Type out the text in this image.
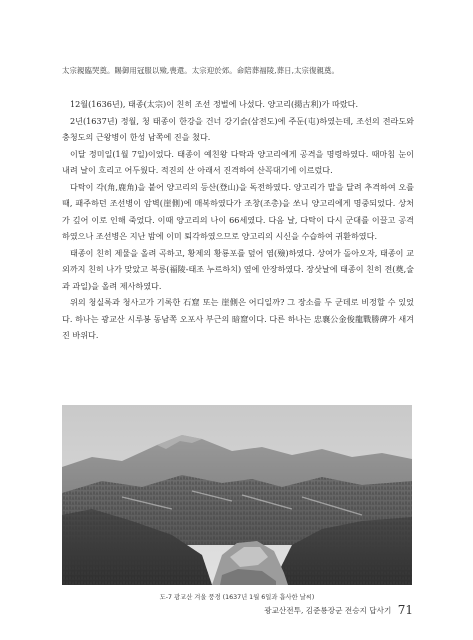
太宗親臨哭奠。賜御用冠服以殮,喪還。太宗迎於郊。命陪葬福陵,葬日,太宗復親奠。

12월(1636년), 태종(太宗)이 친히 조선 정벌에 나섰다. 양고리(揚古利)가 따랐다.

2년(1637년) 정월, 청 태종이 한강을 건너 강기슭(삼전도)에 주둔(屯)하였는데, 조선의 전라도와 충청도의 근왕병이 한성 남쪽에 진을 쳤다.

이달 정미일(1월 7일)이었다. 태종이 예친왕 다탁과 양고리에게 공격을 명령하였다. 때마침 눈이 내려 날이 흐리고 어두웠다. 적진의 산 아래서 진격하여 산꼭대기에 이르렀다.

다탁이 각(角,鹿角)을 붙어 양고리의 등산(登山)을 독전하였다. 양고리가 말을 달려 추격하여 오를 때, 패주하던 조선병이 암벽(崖側)에 매복하였다가 조창(조총)을 쏘니 양고리에게 명중되었다. 상처가 깊어 이로 인해 죽었다. 이때 양고리의 나이 66세였다. 다음 날, 다탁이 다시 군대를 이끌고 공격하였으나 조선병은 지난 밤에 이미 퇴각하였으므로 양고리의 시신을 수습하여 귀환하였다.

태종이 친히 제물을 올려 곡하고, 황제의 황룡포를 덮어 염(殮)하였다. 상여가 돌아오자, 태종이 교외까지 친히 나가 맞았고 복릉(福陵-태조 누르하치) 옆에 안장하였다. 장삿날에 태종이 친히 전(奠,술과 과일)을 올려 제사하였다.

위의 청실록과 청사고가 기록한 石窟 또는 崖側은 어디일까? 그 장소를 두 군데로 비정할 수 있었다. 하나는 광교산 시루봉 동남쪽 오포사 부근의 暗窟이다. 다른 하나는 忠襄公金俊龍戰勝碑가 새겨진 바위다.

도-7 광교산 겨울 풍경 (1637년 1월 6일과 흡사한 날씨)
광교산전투, 김준룡장군 전승지 답사기 71
